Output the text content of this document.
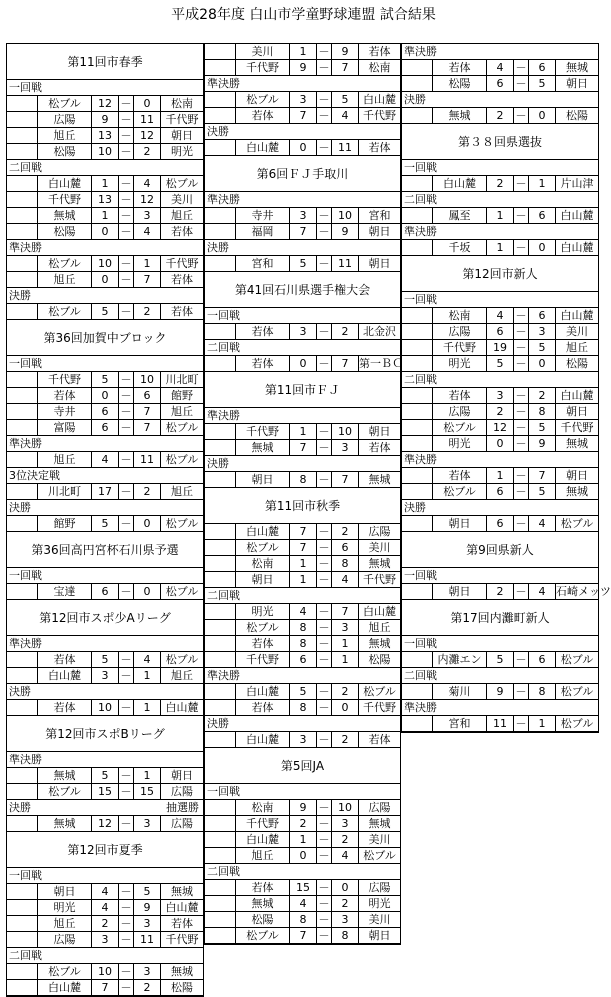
平成28年度 白山市学童野球連盟 試合結果
第11回市春季
一回戦
松ブル	12 －	0	松南
広陽	9	－ 11	千代野
旭丘	13 － 12	朝日
松陽	10 －	2	明光
二回戦
白山麓	1	－	4	松ブル
千代野	13 － 12	美川
無城	1	－	3	旭丘
松陽	0	－	4	若体
準決勝
松ブル	10 －	1	千代野
旭丘	0	－	7	若体
決勝
松ブル	5	－	2	若体
第36回加賀中ブロック
一回戦
千代野	5	－ 10	川北町
若体	0	－	6	館野
寺井	6	－	7	旭丘
富陽	6	－	7	松ブル
準決勝
旭丘	4	－ 11	松ブル
3位決定戦
川北町	17 －	2	旭丘
決勝
館野	5	－	0	松ブル
第36回高円宮杯石川県予選
一回戦
宝達	6	－	0	松ブル
第12回市スポ少Aリーグ
準決勝
若体	5	－	4	松ブル
白山麓	3	－	1	旭丘
決勝
若体	10 －	1	白山麓
第12回市スポBリーグ
準決勝
無城	5	－	1	朝日
松ブル	15 － 15	広陽
決勝	抽選勝
無城	12 －	3	広陽
第12回市夏季
一回戦
朝日	4	－	5	無城
明光	4	－	9	白山麓
旭丘	2	－	3	若体
広陽	3	－ 11	千代野
二回戦
松ブル	10 －	3	無城
白山麓	7	－	2	松陽
美川	1	－	9	若体
千代野	9	－	7	松南
準決勝
松ブル	3	－	5	白山麓
若体	7	－	4	千代野
決勝
白山麓	0	－ 11	若体
第6回ＦＪ手取川
準決勝
寺井	3	－ 10	宮和
福岡	7	－	9	朝日
決勝
宮和	5	－ 11	朝日
第41回石川県選手権大会
一回戦
若体	3	－	2	北金沢
二回戦
若体	0	－	7 第一ＢＣ
第11回市ＦＪ
準決勝
千代野	1	－ 10	朝日
無城	7	－	3	若体
決勝
朝日	8	－	7	無城
第11回市秋季
白山麓	7	－	2	広陽
松ブル	7	－	6	美川
松南	1	－	8	無城
朝日	1	－	4	千代野
二回戦
明光	4	－	7	白山麓
松ブル	8	－	3	旭丘
若体	8	－	1	無城
千代野	6	－	1	松陽
準決勝
白山麓	5	－	2	松ブル
若体	8	－	0	千代野
決勝
白山麓	3	－	2	若体
第5回JA
一回戦
松南	9	－ 10	広陽
千代野	2	－	3	無城
白山麓	1	－	2	美川
旭丘	0	－	4	松ブル
二回戦
若体	15 －	0	広陽
無城	4	－	2	明光
松陽	8	－	3	美川
松ブル	7	－	8	朝日
準決勝
若体	4	－	6	無城
松陽	6	－	5	朝日
決勝
無城	2	－	0	松陽
第３８回県選抜
一回戦
白山麓	2	－	1	片山津
二回戦
鳳至	1	－	6	白山麓
準決勝
千坂	1	－	0	白山麓
第12回市新人
一回戦
松南	4	－	6	白山麓
広陽	6	－	3	美川
千代野	19 －	5	旭丘
明光	5	－	0	松陽
二回戦
若体	3	－	2	白山麓
広陽	2	－	8	朝日
松ブル	12 －	5	千代野
明光	0	－	9	無城
準決勝
若体	1	－	7	朝日
松ブル	6	－	5	無城
決勝
朝日	6	－	4	松ブル
第9回県新人
一回戦
朝日	2	－	4 石崎メッツ
第17回内灘町新人
一回戦
内灘エン	5	－	6	松ブル
二回戦
菊川	9	－	8	松ブル
準決勝
宮和	11 －	1	松ブル
